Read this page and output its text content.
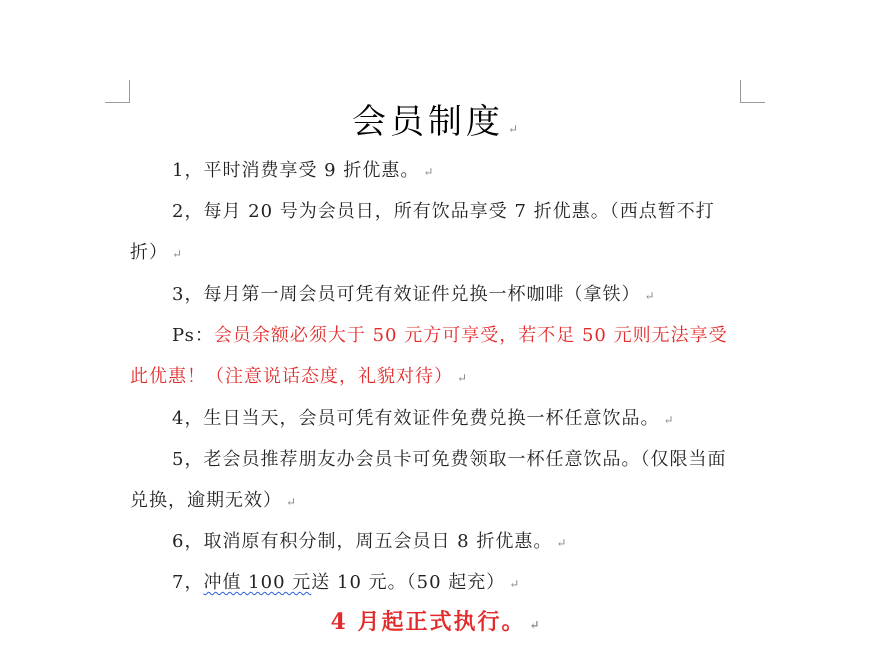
会员制度 ↵
1，平时消费享受 9 折优惠。 ↵
2，每月 20 号为会员日，所有饮品享受 7 折优惠。（西点暂不打折） ↵
3，每月第一周会员可凭有效证件兑换一杯咖啡（拿铁） ↵
Ps：会员余额必须大于 50 元方可享受，若不足 50 元则无法享受此优惠！（注意说话态度，礼貌对待） ↵
4，生日当天，会员可凭有效证件免费兑换一杯任意饮品。 ↵
5，老会员推荐朋友办会员卡可免费领取一杯任意饮品。（仅限当面兑换，逾期无效） ↵
6，取消原有积分制，周五会员日 8 折优惠。 ↵
7，冲值 100 元送 10 元。（50 起充） ↵
4 月起正式执行。 ↵
